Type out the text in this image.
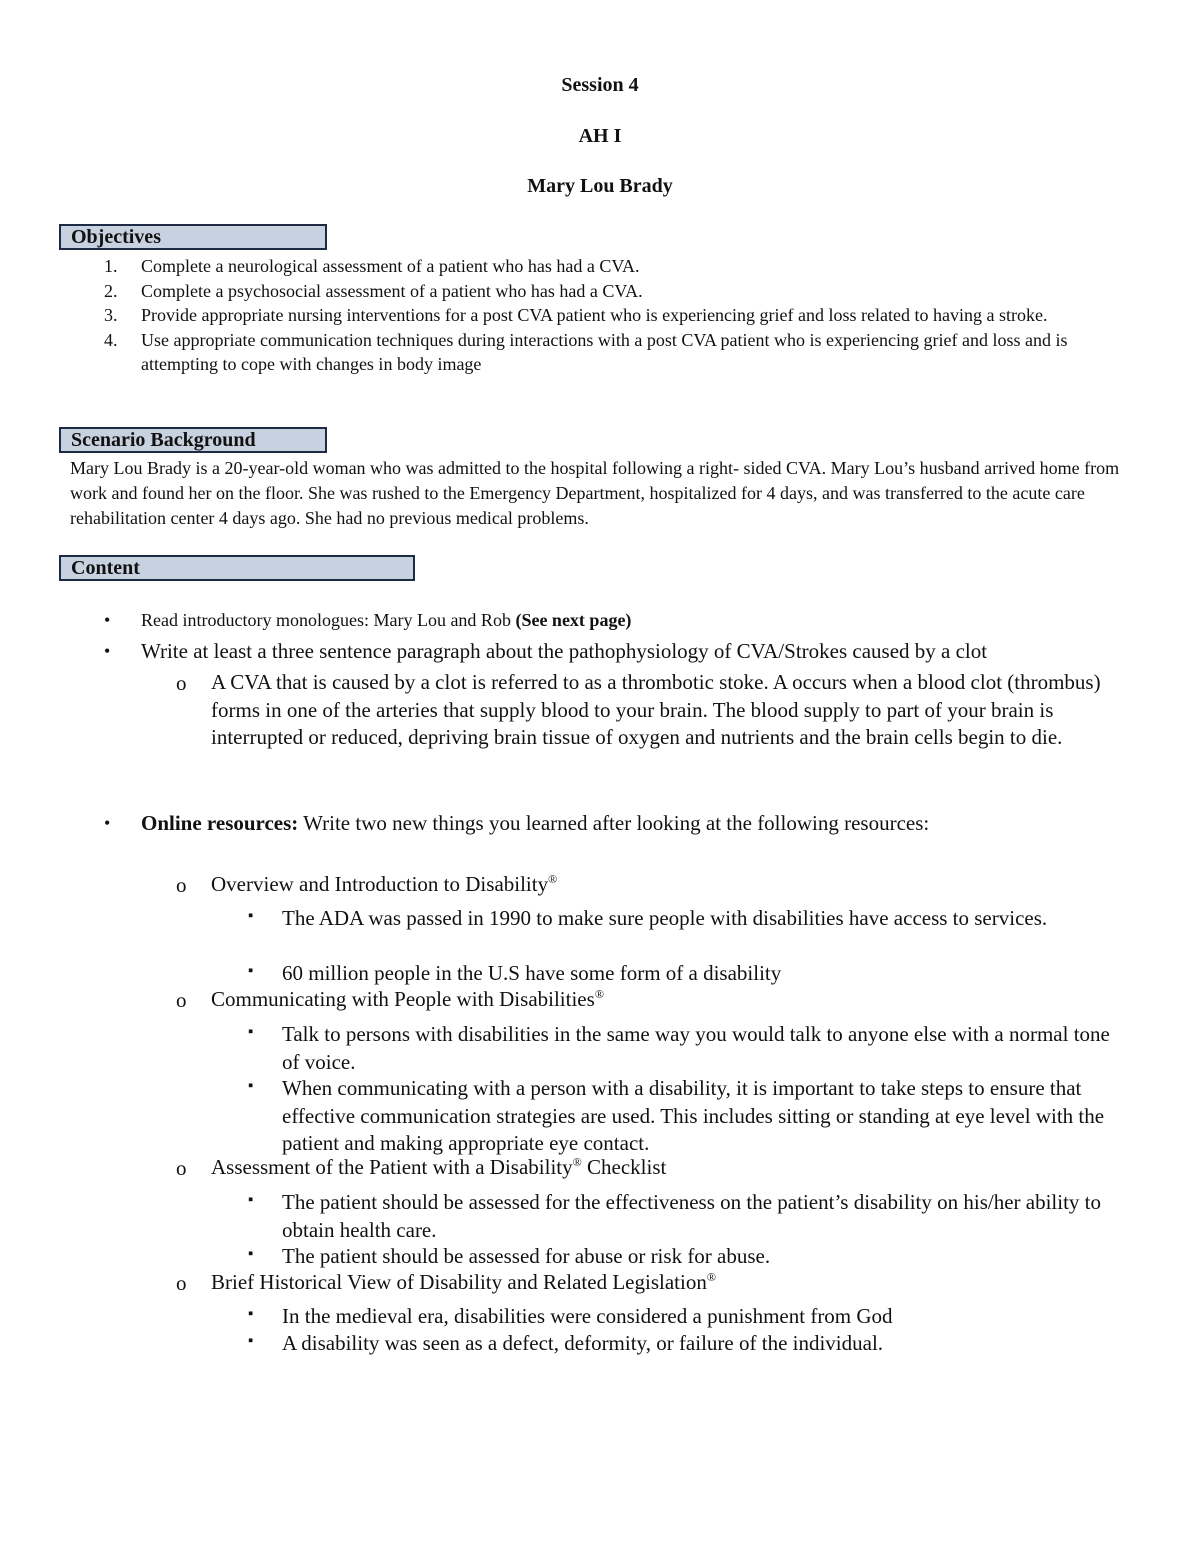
Session 4
AH I
Mary Lou Brady
Objectives
1. Complete a neurological assessment of a patient who has had a CVA.
2. Complete a psychosocial assessment of a patient who has had a CVA.
3. Provide appropriate nursing interventions for a post CVA patient who is experiencing grief and loss related to having a stroke.
4. Use appropriate communication techniques during interactions with a post CVA patient who is experiencing grief and loss and is attempting to cope with changes in body image
Scenario Background
Mary Lou Brady is a 20-year-old woman who was admitted to the hospital following a right- sided CVA. Mary Lou’s husband arrived home from work and found her on the floor. She was rushed to the Emergency Department, hospitalized for 4 days, and was transferred to the acute care rehabilitation center 4 days ago. She had no previous medical problems.
Content
• Read introductory monologues: Mary Lou and Rob (See next page)
• Write at least a three sentence paragraph about the pathophysiology of CVA/Strokes caused by a clot
o A CVA that is caused by a clot is referred to as a thrombotic stoke. A occurs when a blood clot (thrombus) forms in one of the arteries that supply blood to your brain. The blood supply to part of your brain is interrupted or reduced, depriving brain tissue of oxygen and nutrients and the brain cells begin to die.
• Online resources: Write two new things you learned after looking at the following resources:
o Overview and Introduction to Disability®
▪ The ADA was passed in 1990 to make sure people with disabilities have access to services.
▪ 60 million people in the U.S have some form of a disability
o Communicating with People with Disabilities®
▪ Talk to persons with disabilities in the same way you would talk to anyone else with a normal tone of voice.
▪ When communicating with a person with a disability, it is important to take steps to ensure that effective communication strategies are used. This includes sitting or standing at eye level with the patient and making appropriate eye contact.
o Assessment of the Patient with a Disability® Checklist
▪ The patient should be assessed for the effectiveness on the patient’s disability on his/her ability to obtain health care.
▪ The patient should be assessed for abuse or risk for abuse.
o Brief Historical View of Disability and Related Legislation®
▪ In the medieval era, disabilities were considered a punishment from God
▪ A disability was seen as a defect, deformity, or failure of the individual.
